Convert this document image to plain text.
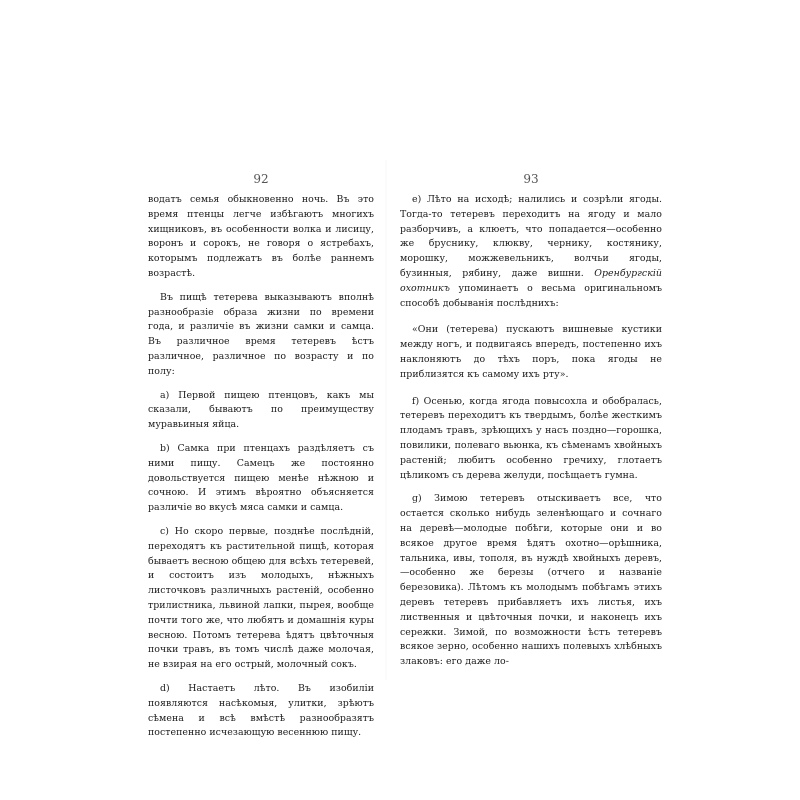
92

водатъ семья обыкновенно ночь. Въ это время птенцы легче избѣгаютъ многихъ хищниковъ, въ особенности волка и лисицу, воронъ и сорокъ, не говоря о ястребахъ, которымъ подлежатъ въ болѣе раннемъ возрастѣ.

Въ пищѣ тетерева выказываютъ вполнѣ разнообразіе образа жизни по времени года, и различіе въ жизни самки и самца. Въ различное время тетеревъ ѣстъ различное, различное по возрасту и по полу:

а) Первой пищею птенцовъ, какъ мы сказали, бываютъ по преимуществу муравьиныя яйца.

b) Самка при птенцахъ раздѣляетъ съ ними пищу. Самецъ же постоянно довольствуется пищею менѣе нѣжною и сочною. И этимъ вѣроятно объясняется различіе во вкусѣ мяса самки и самца.

c) Но скоро первые, позднѣе послѣдній, переходятъ къ растительной пищѣ, которая бываетъ весною общею для всѣхъ тетеревей, и состоитъ изъ молодыхъ, нѣжныхъ листочковъ различныхъ растеній, особенно трилистника, львиной лапки, пырея, вообще почти того же, что любятъ и домашнія куры весною. Потомъ тетерева ѣдятъ цвѣточныя почки травъ, въ томъ числѣ даже молочая, не взирая на его острый, молочный сокъ.

d) Настаетъ лѣто. Въ изобиліи появляются насѣкомыя, улитки, зрѣютъ сѣмена и всѣ вмѣстѣ разнообразятъ постепенно исчезающую весеннюю пищу.

93

e) Лѣто на исходѣ; налились и созрѣли ягоды. Тогда-то тетеревъ переходитъ на ягоду и мало разборчивъ, а клюетъ, что попадается—особенно же бруснику, клюкву, чернику, костянику, морошку, можжевельникъ, волчьи ягоды, бузинныя, рябину, даже вишни. Оренбургскій охотникъ упоминаетъ о весьма оригинальномъ способѣ добыванія послѣднихъ:

«Они (тетерева) пускаютъ вишневые кустики между ногъ, и подвигаясь впередъ, постепенно ихъ наклоняютъ до тѣхъ поръ, пока ягоды не приблизятся къ самому ихъ рту».

f) Осенью, когда ягода повысохла и обобралась, тетеревъ переходитъ къ твердымъ, болѣе жесткимъ плодамъ травъ, зрѣющихъ у насъ поздно—горошка, повилики, полеваго вьюнка, къ сѣменамъ хвойныхъ растеній; любитъ особенно гречиху, глотаетъ цѣликомъ съ дерева желуди, посѣщаетъ гумна.

g) Зимою тетеревъ отыскиваетъ все, что остается сколько нибудь зеленѣющаго и сочнаго на деревѣ—молодые побѣги, которые они и во всякое другое время ѣдятъ охотно—орѣшника, тальника, ивы, тополя, въ нуждѣ хвойныхъ деревъ,—особенно же березы (отчего и названіе березовика). Лѣтомъ къ молодымъ побѣгамъ этихъ деревъ тетеревъ прибавляетъ ихъ листья, ихъ лиственныя и цвѣточныя почки, и наконецъ ихъ сережки. Зимой, по возможности ѣстъ тетеревъ всякое зерно, особенно нашихъ полевыхъ хлѣбныхъ злаковъ: его даже ло-
